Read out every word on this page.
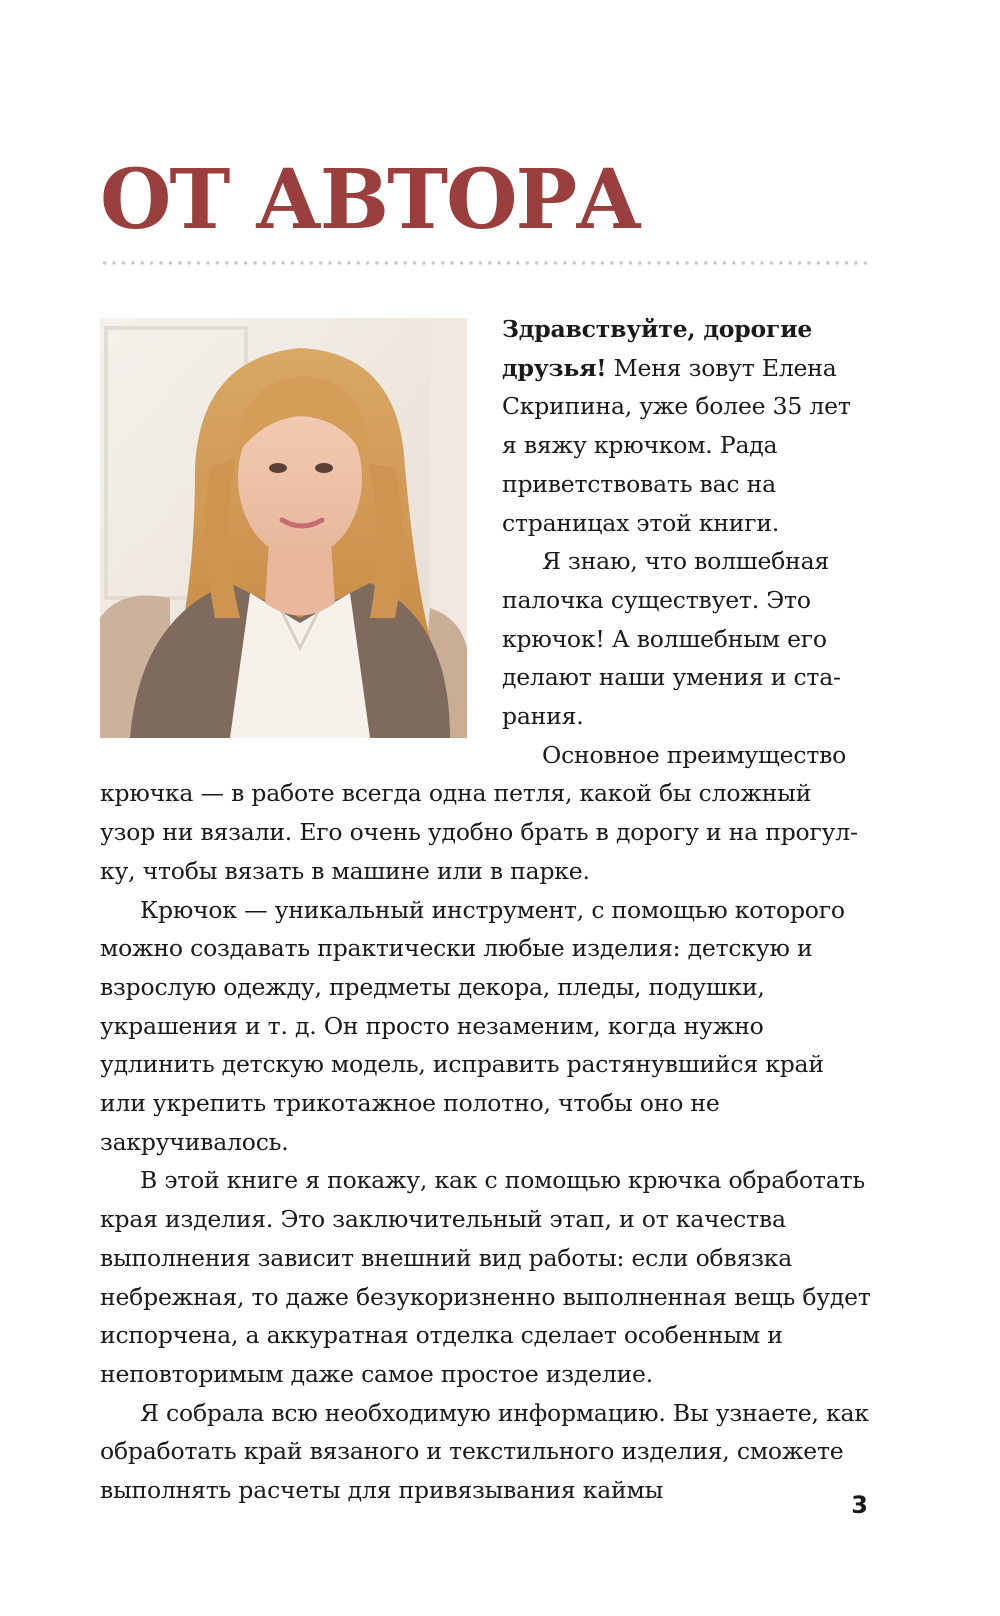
ОТ АВТОРА

Здравствуйте, дорогие друзья! Меня зовут Елена Скрипина, уже более 35 лет я вяжу крючком. Рада приветствовать вас на страницах этой книги.

Я знаю, что волшебная палочка существует. Это крючок! А волшебным его делают наши умения и старания.

Основное преимущество крючка — в работе всегда одна петля, какой бы сложный узор ни вязали. Его очень удобно брать в дорогу и на прогулку, чтобы вязать в машине или в парке.

Крючок — уникальный инструмент, с помощью которого можно создавать практически любые изделия: детскую и взрослую одежду, предметы декора, пледы, подушки, украшения и т. д. Он просто незаменим, когда нужно удлинить детскую модель, исправить растянувшийся край или укрепить трикотажное полотно, чтобы оно не закручивалось.

В этой книге я покажу, как с помощью крючка обработать края изделия. Это заключительный этап, и от качества выполнения зависит внешний вид работы: если обвязка небрежная, то даже безукоризненно выполненная вещь будет испорчена, а аккуратная отделка сделает особенным и неповторимым даже самое простое изделие.

Я собрала всю необходимую информацию. Вы узнаете, как обработать край вязаного и текстильного изделия, сможете выполнять расчеты для привязывания каймы

3
